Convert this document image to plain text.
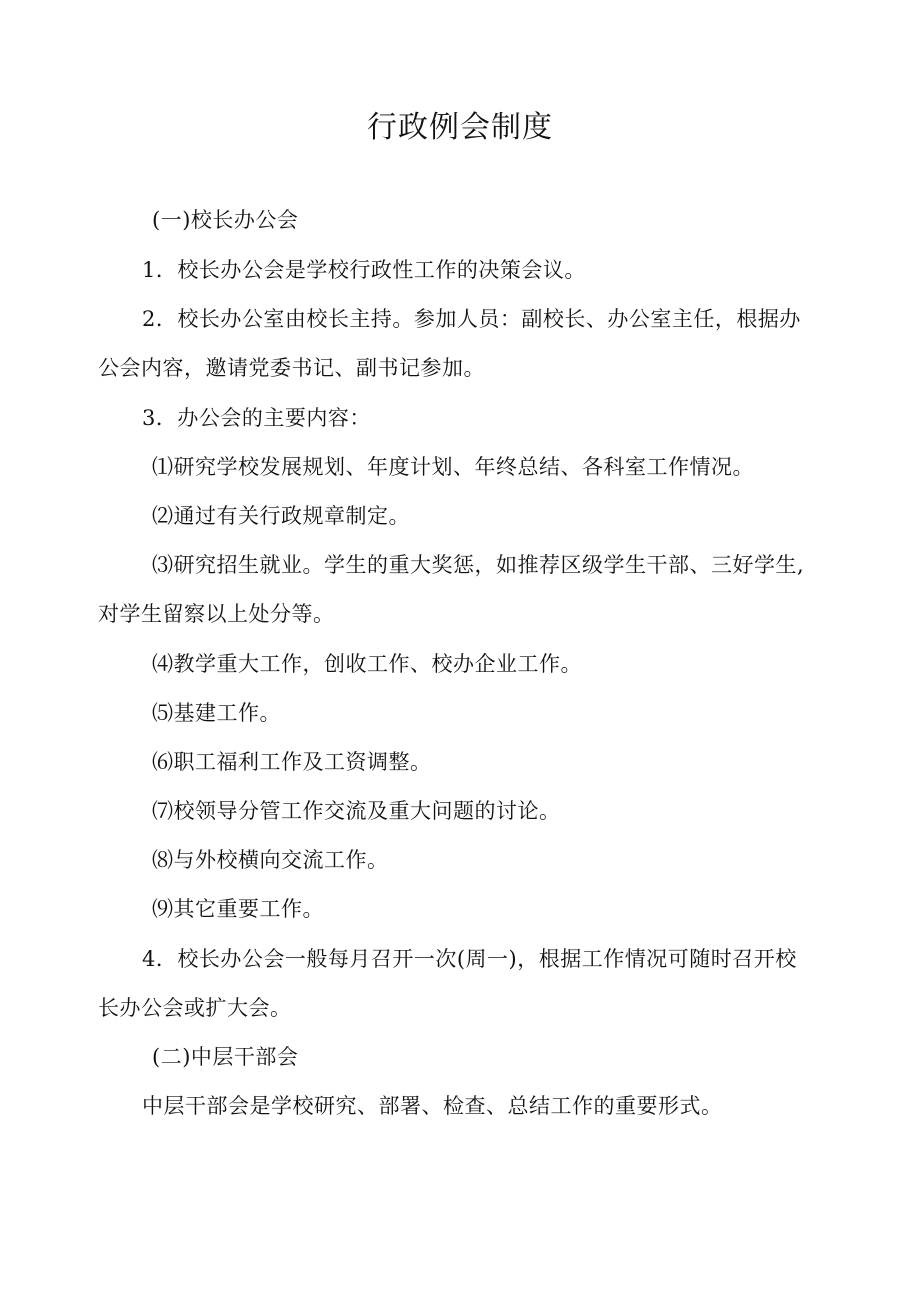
行政例会制度
(一)校长办公会
1．校长办公会是学校行政性工作的决策会议。
2．校长办公室由校长主持。参加人员：副校长、办公室主任，根据办
公会内容，邀请党委书记、副书记参加。
3．办公会的主要内容：
⑴研究学校发展规划、年度计划、年终总结、各科室工作情况。
⑵通过有关行政规章制定。
⑶研究招生就业。学生的重大奖惩，如推荐区级学生干部、三好学生,
对学生留察以上处分等。
⑷教学重大工作，创收工作、校办企业工作。
⑸基建工作。
⑹职工福利工作及工资调整。
⑺校领导分管工作交流及重大问题的讨论。
⑻与外校横向交流工作。
⑼其它重要工作。
4．校长办公会一般每月召开一次(周一)，根据工作情况可随时召开校
长办公会或扩大会。
(二)中层干部会
中层干部会是学校研究、部署、检查、总结工作的重要形式。
